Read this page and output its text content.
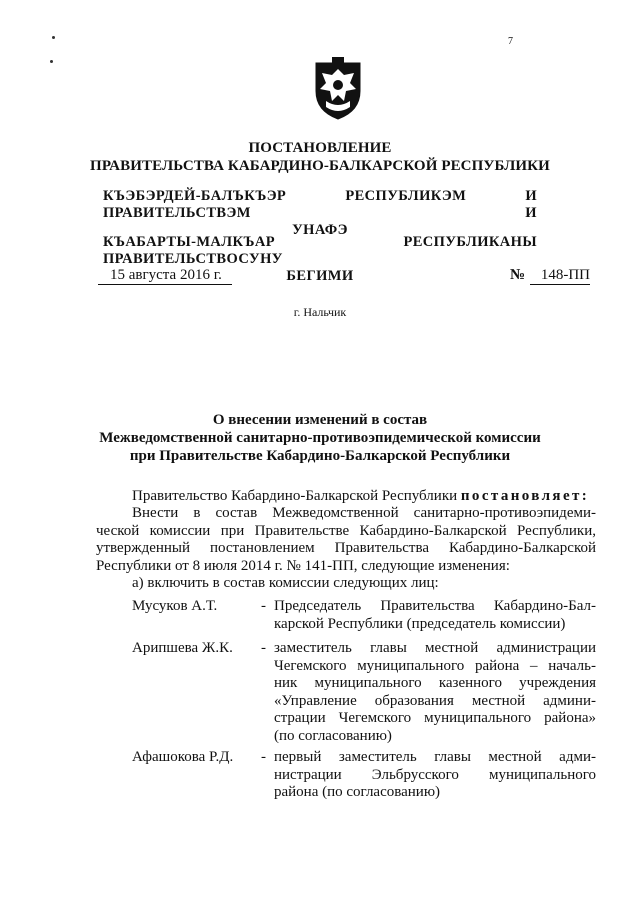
7
ПОСТАНОВЛЕНИЕ
ПРАВИТЕЛЬСТВА КАБАРДИНО-БАЛКАРСКОЙ РЕСПУБЛИКИ
КЪЭБЭРДЕЙ-БАЛЪКЪЭР РЕСПУБЛИКЭМ И ПРАВИТЕЛЬСТВЭМ И
УНАФЭ
КЪАБАРТЫ-МАЛКЪАР РЕСПУБЛИКАНЫ ПРАВИТЕЛЬСТВОСУНУ
БЕГИМИ
15 августа 2016 г.	№	148-ПП
г. Нальчик
О внесении изменений в состав
Межведомственной санитарно-противоэпидемической комиссии
при Правительстве Кабардино-Балкарской Республики
Правительство Кабардино-Балкарской Республики постановляет:
Внести в состав Межведомственной санитарно-противоэпидеми-
ческой комиссии при Правительстве Кабардино-Балкарской Республики,
утвержденный постановлением Правительства Кабардино-Балкарской
Республики от 8 июля 2014 г. № 141-ПП, следующие изменения:
а) включить в состав комиссии следующих лиц:
Мусуков А.Т.	- Председатель Правительства Кабардино-Бал-
карской Республики (председатель комиссии)
Арипшева Ж.К. - заместитель главы местной администрации
Чегемского муниципального района – началь-
ник муниципального казенного учреждения
«Управление образования местной админи-
страции Чегемского муниципального района»
(по согласованию)
Афашокова Р.Д. - первый заместитель главы местной адми-
нистрации Эльбрусского муниципального
района (по согласованию)
